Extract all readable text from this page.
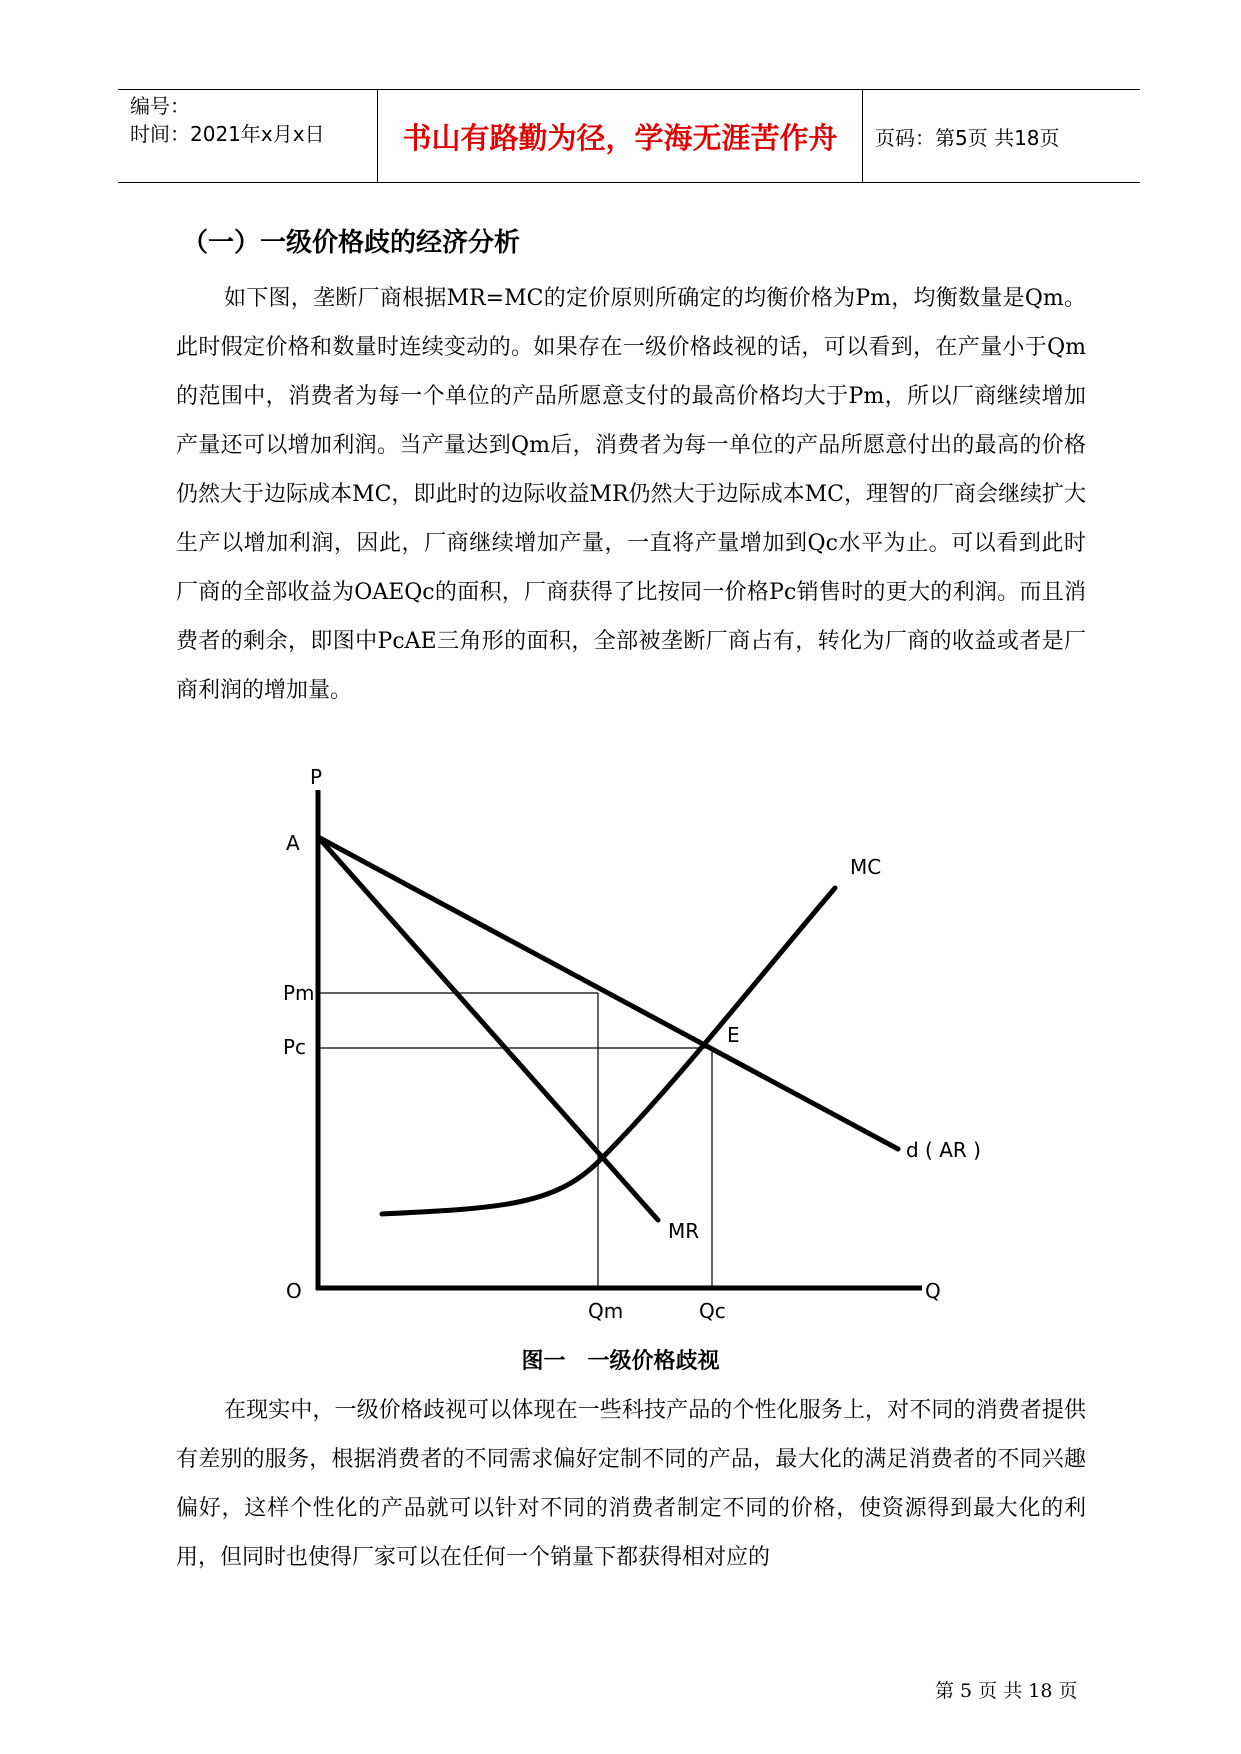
编号：
时间：2021年x月x日	书山有路勤为径，学海无涯苦作舟	页码：第5页 共18页
（一）一级价格歧的经济分析

如下图，垄断厂商根据MR=MC的定价原则所确定的均衡价格为Pm，均衡数量是Qm。此时假定价格和数量时连续变动的。如果存在一级价格歧视的话，可以看到，在产量小于Qm的范围中，消费者为每一个单位的产品所愿意支付的最高价格均大于Pm，所以厂商继续增加产量还可以增加利润。当产量达到Qm后，消费者为每一单位的产品所愿意付出的最高的价格仍然大于边际成本MC，即此时的边际收益MR仍然大于边际成本MC，理智的厂商会继续扩大生产以增加利润，因此，厂商继续增加产量，一直将产量增加到Qc水平为止。可以看到此时厂商的全部收益为OAEQc的面积，厂商获得了比按同一价格Pc销售时的更大的利润。而且消费者的剩余，即图中PcAE三角形的面积，全部被垄断厂商占有，转化为厂商的收益或者是厂商利润的增加量。

P
Q
O
A
Pm
Pc	E
MC
MR
d ( AR )
Qm	Qc

图一　一级价格歧视

在现实中，一级价格歧视可以体现在一些科技产品的个性化服务上，对不同的消费者提供有差别的服务，根据消费者的不同需求偏好定制不同的产品，最大化的满足消费者的不同兴趣偏好，这样个性化的产品就可以针对不同的消费者制定不同的价格，使资源得到最大化的利用，但同时也使得厂家可以在任何一个销量下都获得相对应的

第 5 页 共 18 页
